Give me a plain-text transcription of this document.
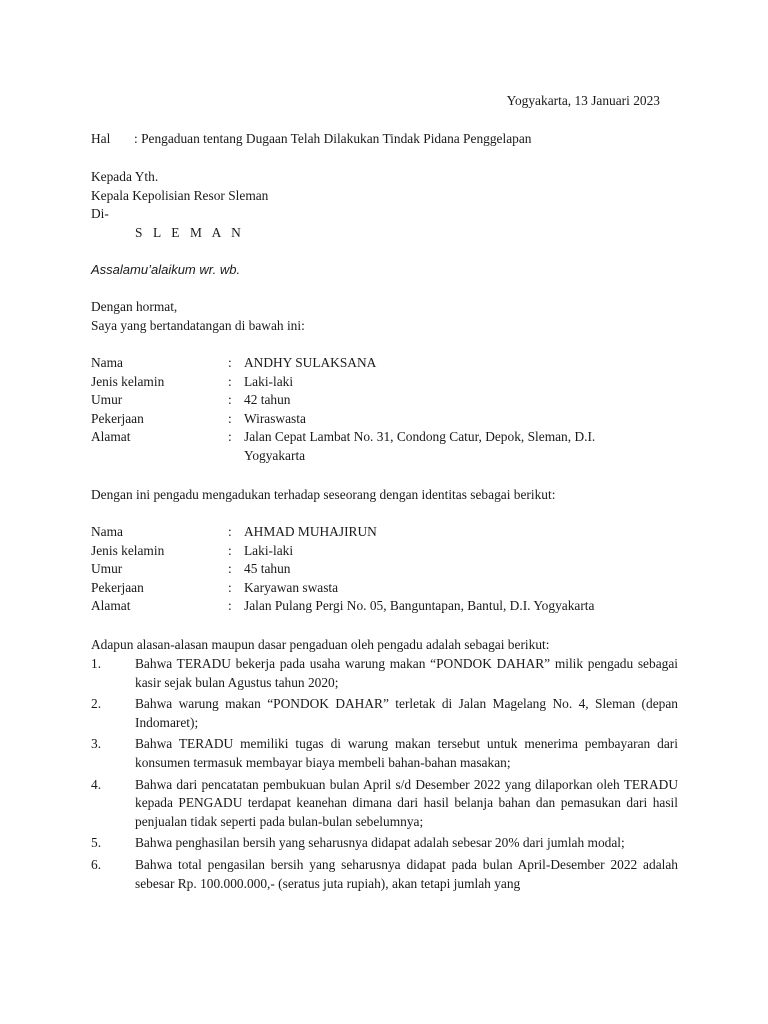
Yogyakarta, 13 Januari 2023
Hal : Pengaduan tentang Dugaan Telah Dilakukan Tindak Pidana Penggelapan
Kepada Yth.
Kepala Kepolisian Resor Sleman
Di-
S L E M A N
Assalamu’alaikum wr. wb.
Dengan hormat,
Saya yang bertandatangan di bawah ini:
Nama	:	ANDHY SULAKSANA
Jenis kelamin	:	Laki-laki
Umur	:	42 tahun
Pekerjaan	:	Wiraswasta
Alamat	:	Jalan Cepat Lambat No. 31, Condong Catur, Depok, Sleman, D.I. Yogyakarta
Dengan ini pengadu mengadukan terhadap seseorang dengan identitas sebagai berikut:
Nama	:	AHMAD MUHAJIRUN
Jenis kelamin	:	Laki-laki
Umur	:	45 tahun
Pekerjaan	:	Karyawan swasta
Alamat	:	Jalan Pulang Pergi No. 05, Banguntapan, Bantul, D.I. Yogyakarta
Adapun alasan-alasan maupun dasar pengaduan oleh pengadu adalah sebagai berikut:
1.	Bahwa TERADU bekerja pada usaha warung makan “PONDOK DAHAR” milik pengadu sebagai kasir sejak bulan Agustus tahun 2020;
2.	Bahwa warung makan “PONDOK DAHAR” terletak di Jalan Magelang No. 4, Sleman (depan Indomaret);
3.	Bahwa TERADU memiliki tugas di warung makan tersebut untuk menerima pembayaran dari konsumen termasuk membayar biaya membeli bahan-bahan masakan;
4.	Bahwa dari pencatatan pembukuan bulan April s/d Desember 2022 yang dilaporkan oleh TERADU kepada PENGADU terdapat keanehan dimana dari hasil belanja bahan dan pemasukan dari hasil penjualan tidak seperti pada bulan-bulan sebelumnya;
5.	Bahwa penghasilan bersih yang seharusnya didapat adalah sebesar 20% dari jumlah modal;
6.	Bahwa total pengasilan bersih yang seharusnya didapat pada bulan April-Desember 2022 adalah sebesar Rp. 100.000.000,- (seratus juta rupiah), akan tetapi jumlah yang
